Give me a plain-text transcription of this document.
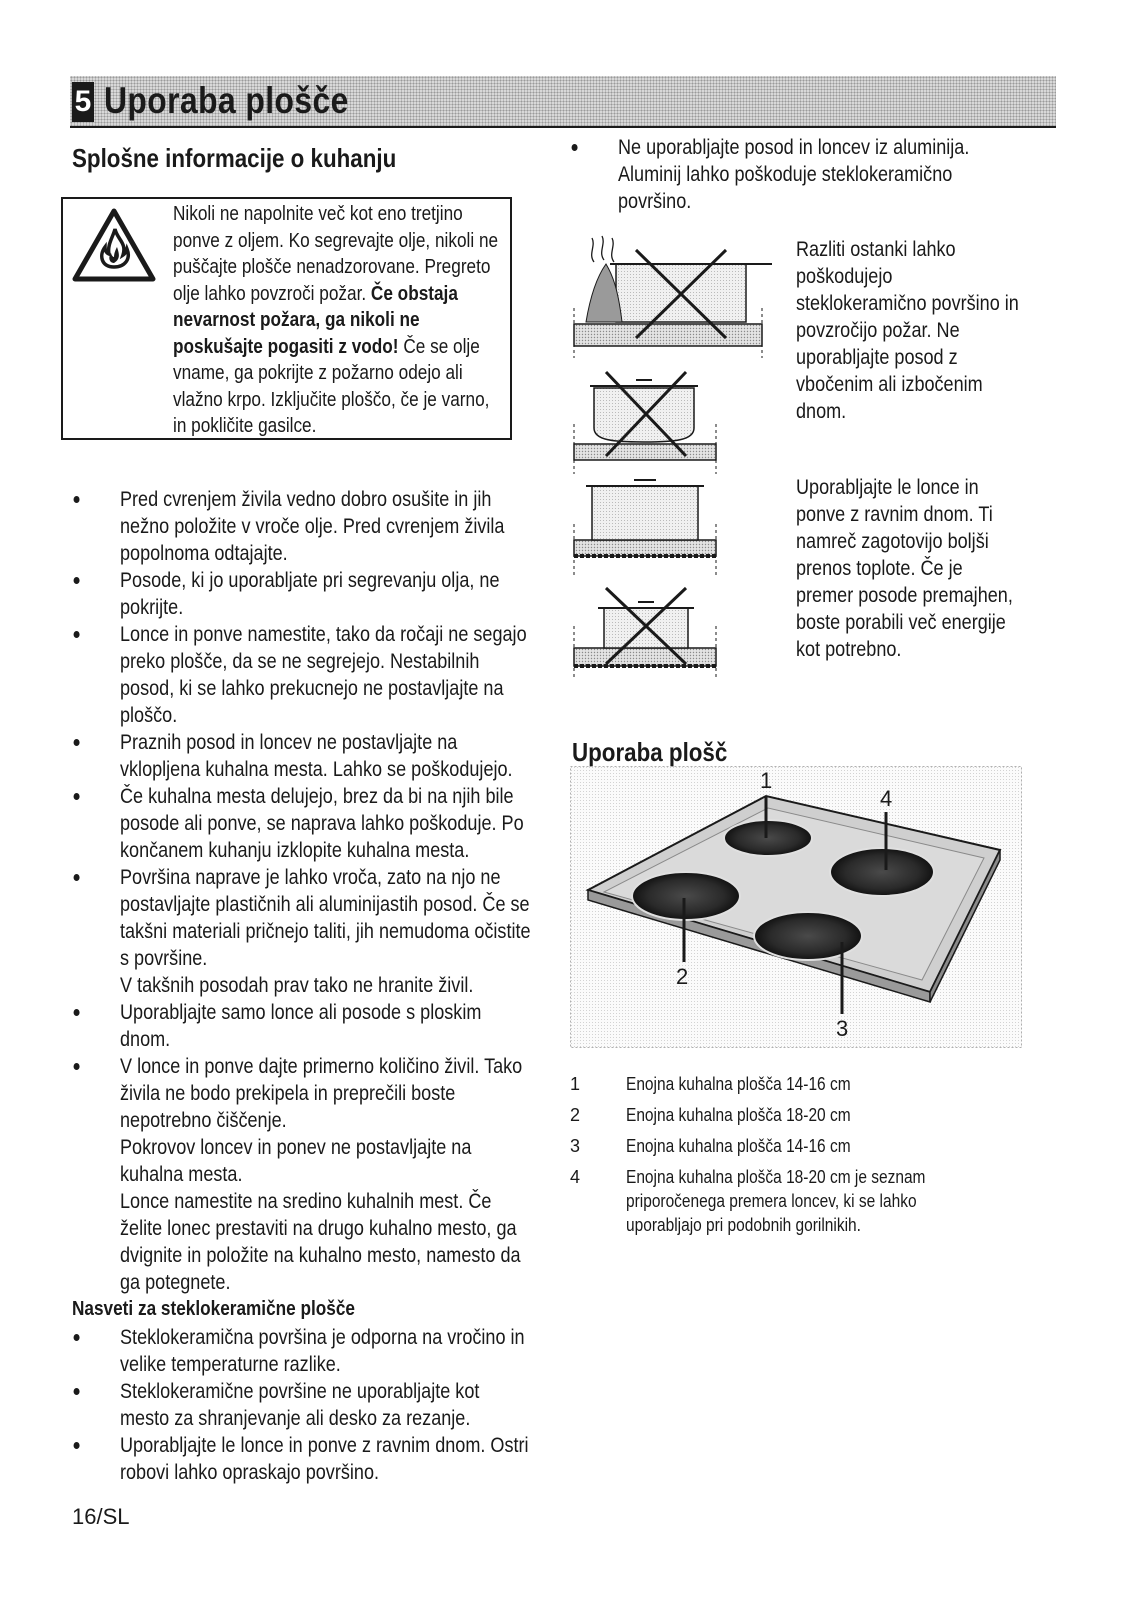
5 Uporaba plošče
Splošne informacije o kuhanju
Nikoli ne napolnite več kot eno tretjino ponve z oljem. Ko segrevajte olje, nikoli ne puščajte plošče nenadzorovane. Pregreto olje lahko povzroči požar. Če obstaja nevarnost požara, ga nikoli ne poskušajte pogasiti z vodo! Če se olje vname, ga pokrijte z požarno odejo ali vlažno krpo. Izključite ploščo, če je varno, in pokličite gasilce.
Pred cvrenjem živila vedno dobro osušite in jih nežno položite v vroče olje. Pred cvrenjem živila popolnoma odtajajte.
Posode, ki jo uporabljate pri segrevanju olja, ne pokrijte.
Lonce in ponve namestite, tako da ročaji ne segajo preko plošče, da se ne segrejejo. Nestabilnih posod, ki se lahko prekucnejo ne postavljajte na ploščo.
Praznih posod in loncev ne postavljajte na vklopljena kuhalna mesta. Lahko se poškodujejo.
Če kuhalna mesta delujejo, brez da bi na njih bile posode ali ponve, se naprava lahko poškoduje. Po končanem kuhanju izklopite kuhalna mesta.
Površina naprave je lahko vroča, zato na njo ne postavljajte plastičnih ali aluminijastih posod. Če se takšni materiali pričnejo taliti, jih nemudoma očistite s površine.
V takšnih posodah prav tako ne hranite živil.
Uporabljajte samo lonce ali posode s ploskim dnom.
V lonce in ponve dajte primerno količino živil. Tako živila ne bodo prekipela in preprečili boste nepotrebno čiščenje.
Pokrovov loncev in ponev ne postavljajte na kuhalna mesta.
Lonce namestite na sredino kuhalnih mest. Če želite lonec prestaviti na drugo kuhalno mesto, ga dvignite in položite na kuhalno mesto, namesto da ga potegnete.
Nasveti za steklokeramične plošče
Steklokeramična površina je odporna na vročino in velike temperaturne razlike.
Steklokeramične površine ne uporabljajte kot mesto za shranjevanje ali desko za rezanje.
Uporabljajte le lonce in ponve z ravnim dnom. Ostri robovi lahko opraskajo površino.
Ne uporabljajte posod in loncev iz aluminija. Aluminij lahko poškoduje steklokeramično površino.
Razliti ostanki lahko poškodujejo steklokeramično površino in povzročijo požar. Ne uporabljajte posod z vbočenim ali izbočenim dnom.
Uporabljajte le lonce in ponve z ravnim dnom. Ti namreč zagotovijo boljši prenos toplote. Če je premer posode premajhen, boste porabili več energije kot potrebno.
Uporaba plošč
1
4
2
3
1	Enojna kuhalna plošča 14-16 cm
2	Enojna kuhalna plošča 18-20 cm
3	Enojna kuhalna plošča 14-16 cm
4	Enojna kuhalna plošča 18-20 cm je seznam priporočenega premera loncev, ki se lahko uporabljajo pri podobnih gorilnikih.
16/SL
